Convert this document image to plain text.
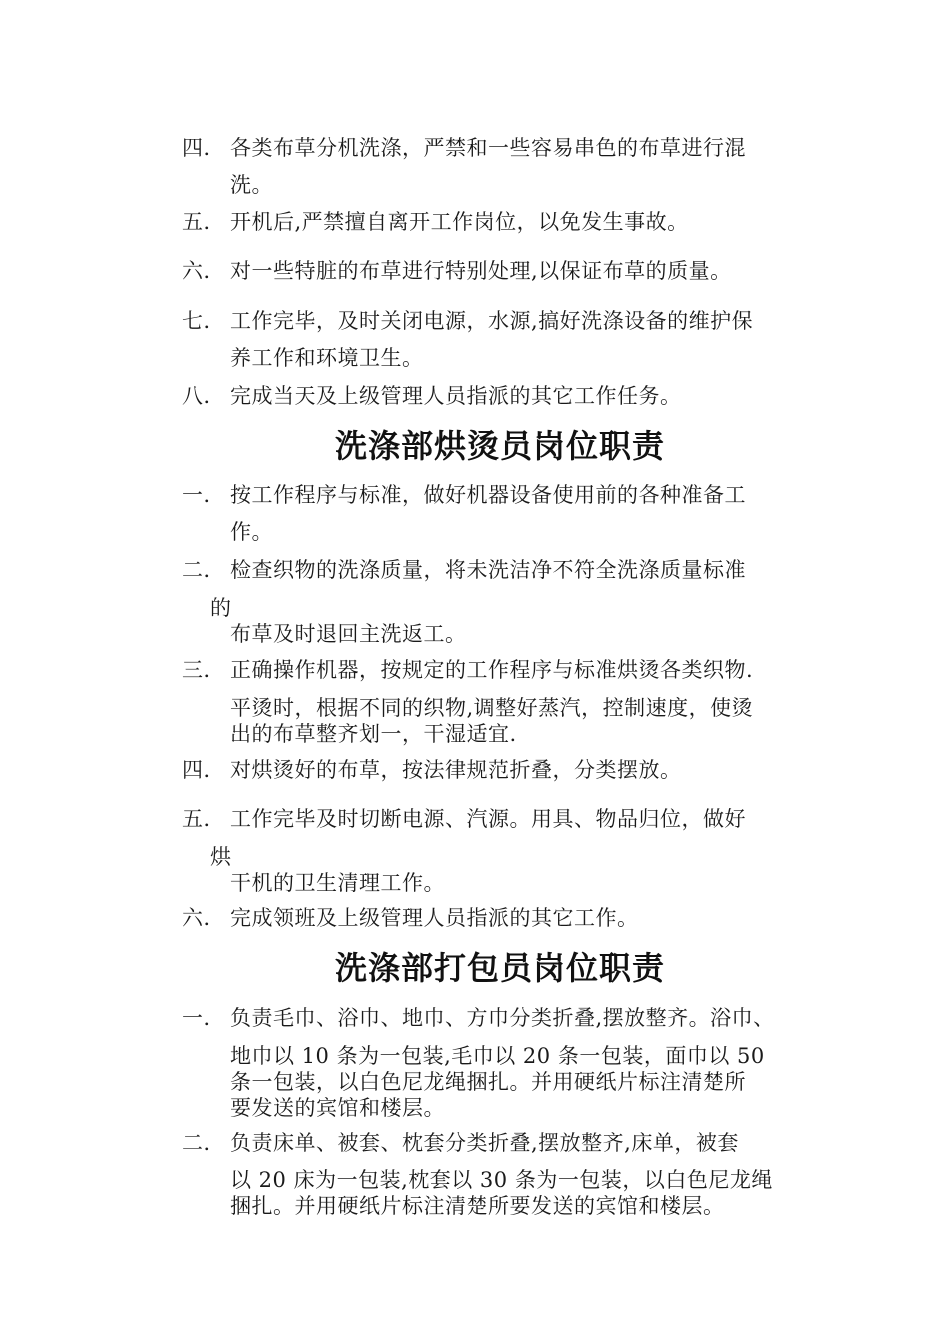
四． 各类布草分机洗涤，严禁和一些容易串色的布草进行混
洗。
五． 开机后,严禁擅自离开工作岗位，以免发生事故。
六． 对一些特脏的布草进行特别处理,以保证布草的质量。
七． 工作完毕，及时关闭电源，水源,搞好洗涤设备的维护保
养工作和环境卫生。
八． 完成当天及上级管理人员指派的其它工作任务。
洗涤部烘烫员岗位职责
一． 按工作程序与标准，做好机器设备使用前的各种准备工
作。
二． 检查织物的洗涤质量，将未洗洁净不符全洗涤质量标准
的
布草及时退回主洗返工。
三． 正确操作机器，按规定的工作程序与标准烘烫各类织物.
平烫时，根据不同的织物,调整好蒸汽，控制速度，使烫
出的布草整齐划一，干湿适宜.
四． 对烘烫好的布草，按法律规范折叠，分类摆放。
五． 工作完毕及时切断电源、汽源。用具、物品归位，做好
烘
干机的卫生清理工作。
六． 完成领班及上级管理人员指派的其它工作。
洗涤部打包员岗位职责
一． 负责毛巾、浴巾、地巾、方巾分类折叠,摆放整齐。浴巾、
地巾以 10 条为一包装,毛巾以 20 条一包装，面巾以 50
条一包装，以白色尼龙绳捆扎。并用硬纸片标注清楚所
要发送的宾馆和楼层。
二． 负责床单、被套、枕套分类折叠,摆放整齐,床单，被套
以 20 床为一包装,枕套以 30 条为一包装，以白色尼龙绳
捆扎。并用硬纸片标注清楚所要发送的宾馆和楼层。
